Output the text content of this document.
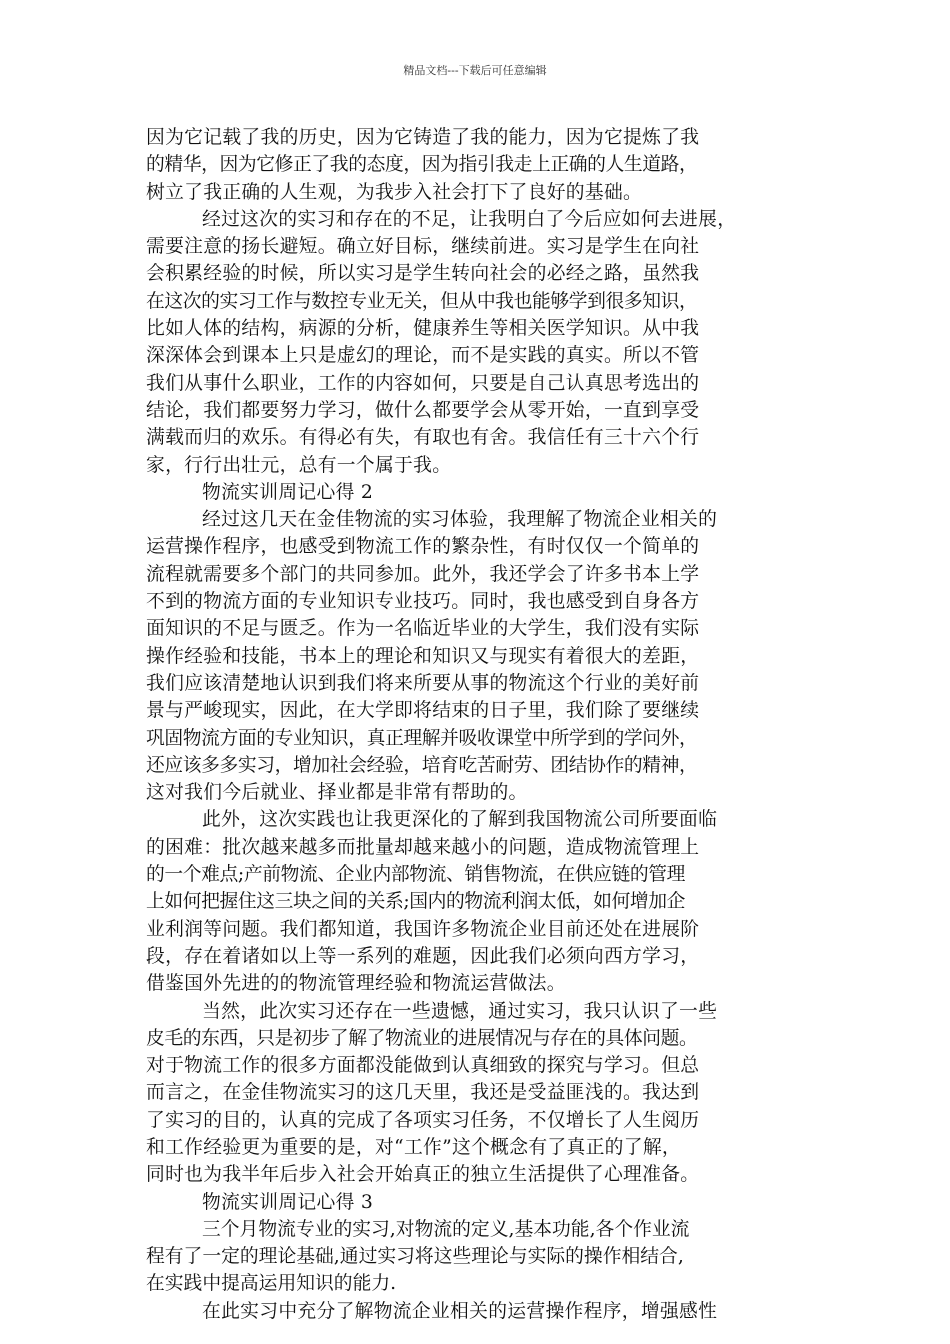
精品文档---下载后可任意编辑
因为它记载了我的历史，因为它铸造了我的能力，因为它提炼了我
的精华，因为它修正了我的态度，因为指引我走上正确的人生道路，
树立了我正确的人生观，为我步入社会打下了良好的基础。
经过这次的实习和存在的不足，让我明白了今后应如何去进展，
需要注意的扬长避短。确立好目标，继续前进。实习是学生在向社
会积累经验的时候，所以实习是学生转向社会的必经之路，虽然我
在这次的实习工作与数控专业无关，但从中我也能够学到很多知识，
比如人体的结构，病源的分析，健康养生等相关医学知识。从中我
深深体会到课本上只是虚幻的理论，而不是实践的真实。所以不管
我们从事什么职业，工作的内容如何，只要是自己认真思考选出的
结论，我们都要努力学习，做什么都要学会从零开始，一直到享受
满载而归的欢乐。有得必有失，有取也有舍。我信任有三十六个行
家，行行出壮元，总有一个属于我。
物流实训周记心得 2
经过这几天在金佳物流的实习体验，我理解了物流企业相关的
运营操作程序，也感受到物流工作的繁杂性，有时仅仅一个简单的
流程就需要多个部门的共同参加。此外，我还学会了许多书本上学
不到的物流方面的专业知识专业技巧。同时，我也感受到自身各方
面知识的不足与匮乏。作为一名临近毕业的大学生，我们没有实际
操作经验和技能，书本上的理论和知识又与现实有着很大的差距，
我们应该清楚地认识到我们将来所要从事的物流这个行业的美好前
景与严峻现实，因此，在大学即将结束的日子里，我们除了要继续
巩固物流方面的专业知识，真正理解并吸收课堂中所学到的学问外，
还应该多多实习，增加社会经验，培育吃苦耐劳、团结协作的精神，
这对我们今后就业、择业都是非常有帮助的。
此外，这次实践也让我更深化的了解到我国物流公司所要面临
的困难：批次越来越多而批量却越来越小的问题，造成物流管理上
的一个难点;产前物流、企业内部物流、销售物流，在供应链的管理
上如何把握住这三块之间的关系;国内的物流利润太低，如何增加企
业利润等问题。我们都知道，我国许多物流企业目前还处在进展阶
段，存在着诸如以上等一系列的难题，因此我们必须向西方学习，
借鉴国外先进的的物流管理经验和物流运营做法。
当然，此次实习还存在一些遗憾，通过实习，我只认识了一些
皮毛的东西，只是初步了解了物流业的进展情况与存在的具体问题。
对于物流工作的很多方面都没能做到认真细致的探究与学习。但总
而言之，在金佳物流实习的这几天里，我还是受益匪浅的。我达到
了实习的目的，认真的完成了各项实习任务，不仅增长了人生阅历
和工作经验更为重要的是，对“工作”这个概念有了真正的了解，
同时也为我半年后步入社会开始真正的独立生活提供了心理准备。
物流实训周记心得 3
三个月物流专业的实习,对物流的定义,基本功能,各个作业流
程有了一定的理论基础,通过实习将这些理论与实际的操作相结合,
在实践中提高运用知识的能力.
在此实习中充分了解物流企业相关的运营操作程序，增强感性
